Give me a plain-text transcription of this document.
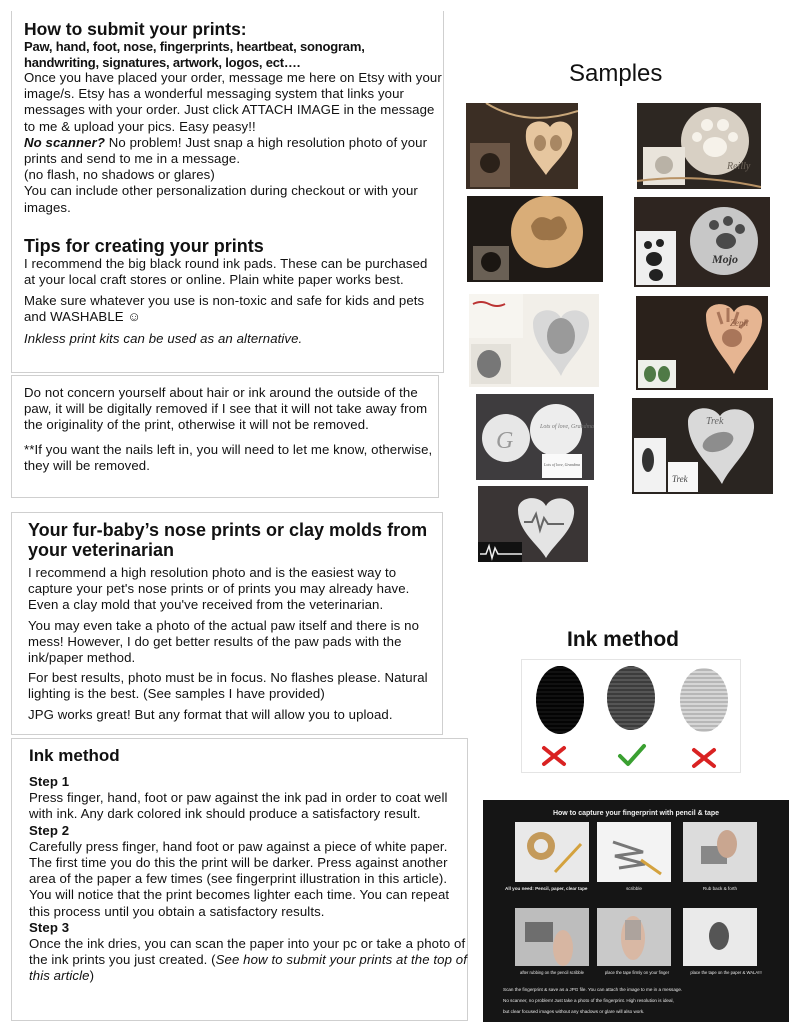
How to submit your prints:

Paw, hand, foot, nose, fingerprints, heartbeat, sonogram, handwriting, signatures, artwork, logos, ect….

Once you have placed your order, message me here on Etsy with your image/s. Etsy has a wonderful messaging system that links your messages with your order. Just click ATTACH IMAGE in the message to me & upload your pics. Easy peasy!!

No scanner? No problem! Just snap a high resolution photo of your prints and send to me in a message.

(no flash, no shadows or glares)

You can include other personalization during checkout or with your images.

Tips for creating your prints

I recommend the big black round ink pads. These can be purchased at your local craft stores or online. Plain white paper works best.

Make sure whatever you use is non-toxic and safe for kids and pets and WASHABLE ☺

Inkless print kits can be used as an alternative.

Do not concern yourself about hair or ink around the outside of the paw, it will be digitally removed if I see that it will not take away from the originality of the print, otherwise it will not be removed.

**If you want the nails left in, you will need to let me know, otherwise, they will be removed.

Your fur-baby’s nose prints or clay molds from your veterinarian

I recommend a high resolution photo and is the easiest way to capture your pet's nose prints or of prints you may already have. Even a clay mold that you've received from the veterinarian.

You may even take a photo of the actual paw itself and there is no mess! However, I do get better results of the paw pads with the ink/paper method.

For best results, photo must be in focus. No flashes please. Natural lighting is the best. (See samples I have provided)

JPG works great! But any format that will allow you to upload.

Ink method

Step 1

Press finger, hand, foot or paw against the ink pad in order to coat well with ink. Any dark colored ink should produce a satisfactory result.

Step 2

Carefully press finger, hand foot or paw against a piece of white paper. The first time you do this the print will be darker. Press against another area of the paper a few times (see fingerprint illustration in this article). You will notice that the print becomes lighter each time. You can repeat this process until you obtain a satisfactory results.

Step 3

Once the ink dries, you can scan the paper into your pc or take a photo of the ink prints you just created. (See how to submit your prints at the top of this article)

Samples
Reilly
Mojo
Zeph
G
Lots of love, Grandma
Lots of love, Grandma
Trek
Trek
Ink method
How to capture your fingerprint with pencil & tape
All you need: Pencil, paper, clear tape	scribble	Rub back & forth
after rubbing on the pencil scribble	place the tape firmly on your finger	place the tape on the paper & WALA!!!
Scan the fingerprint & save as a JPG file. You can attach the image to me in a message.
No scanner, no problem! Just take a photo of the fingerprint. High resolution is ideal,
but clear focused images without any shadows or glare will also work.
